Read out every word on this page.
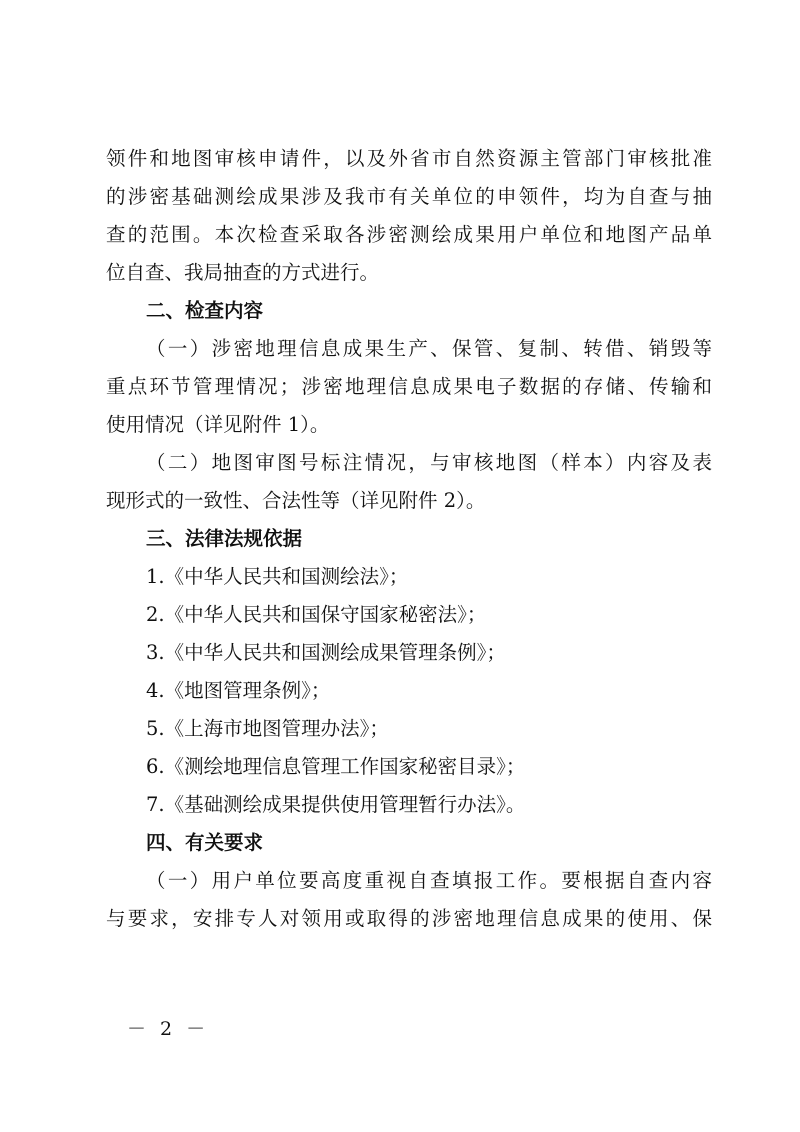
领件和地图审核申请件，以及外省市自然资源主管部门审核批准
的涉密基础测绘成果涉及我市有关单位的申领件，均为自查与抽
查的范围。本次检查采取各涉密测绘成果用户单位和地图产品单
位自查、我局抽查的方式进行。
二、检查内容
（一）涉密地理信息成果生产、保管、复制、转借、销毁等
重点环节管理情况；涉密地理信息成果电子数据的存储、传输和
使用情况（详见附件 1）。
（二）地图审图号标注情况，与审核地图（样本）内容及表
现形式的一致性、合法性等（详见附件 2）。
三、法律法规依据
1.《中华人民共和国测绘法》；
2.《中华人民共和国保守国家秘密法》；
3.《中华人民共和国测绘成果管理条例》；
4.《地图管理条例》；
5.《上海市地图管理办法》；
6.《测绘地理信息管理工作国家秘密目录》；
7.《基础测绘成果提供使用管理暂行办法》。
四、有关要求
（一）用户单位要高度重视自查填报工作。要根据自查内容
与要求，安排专人对领用或取得的涉密地理信息成果的使用、保
－ 2 －
